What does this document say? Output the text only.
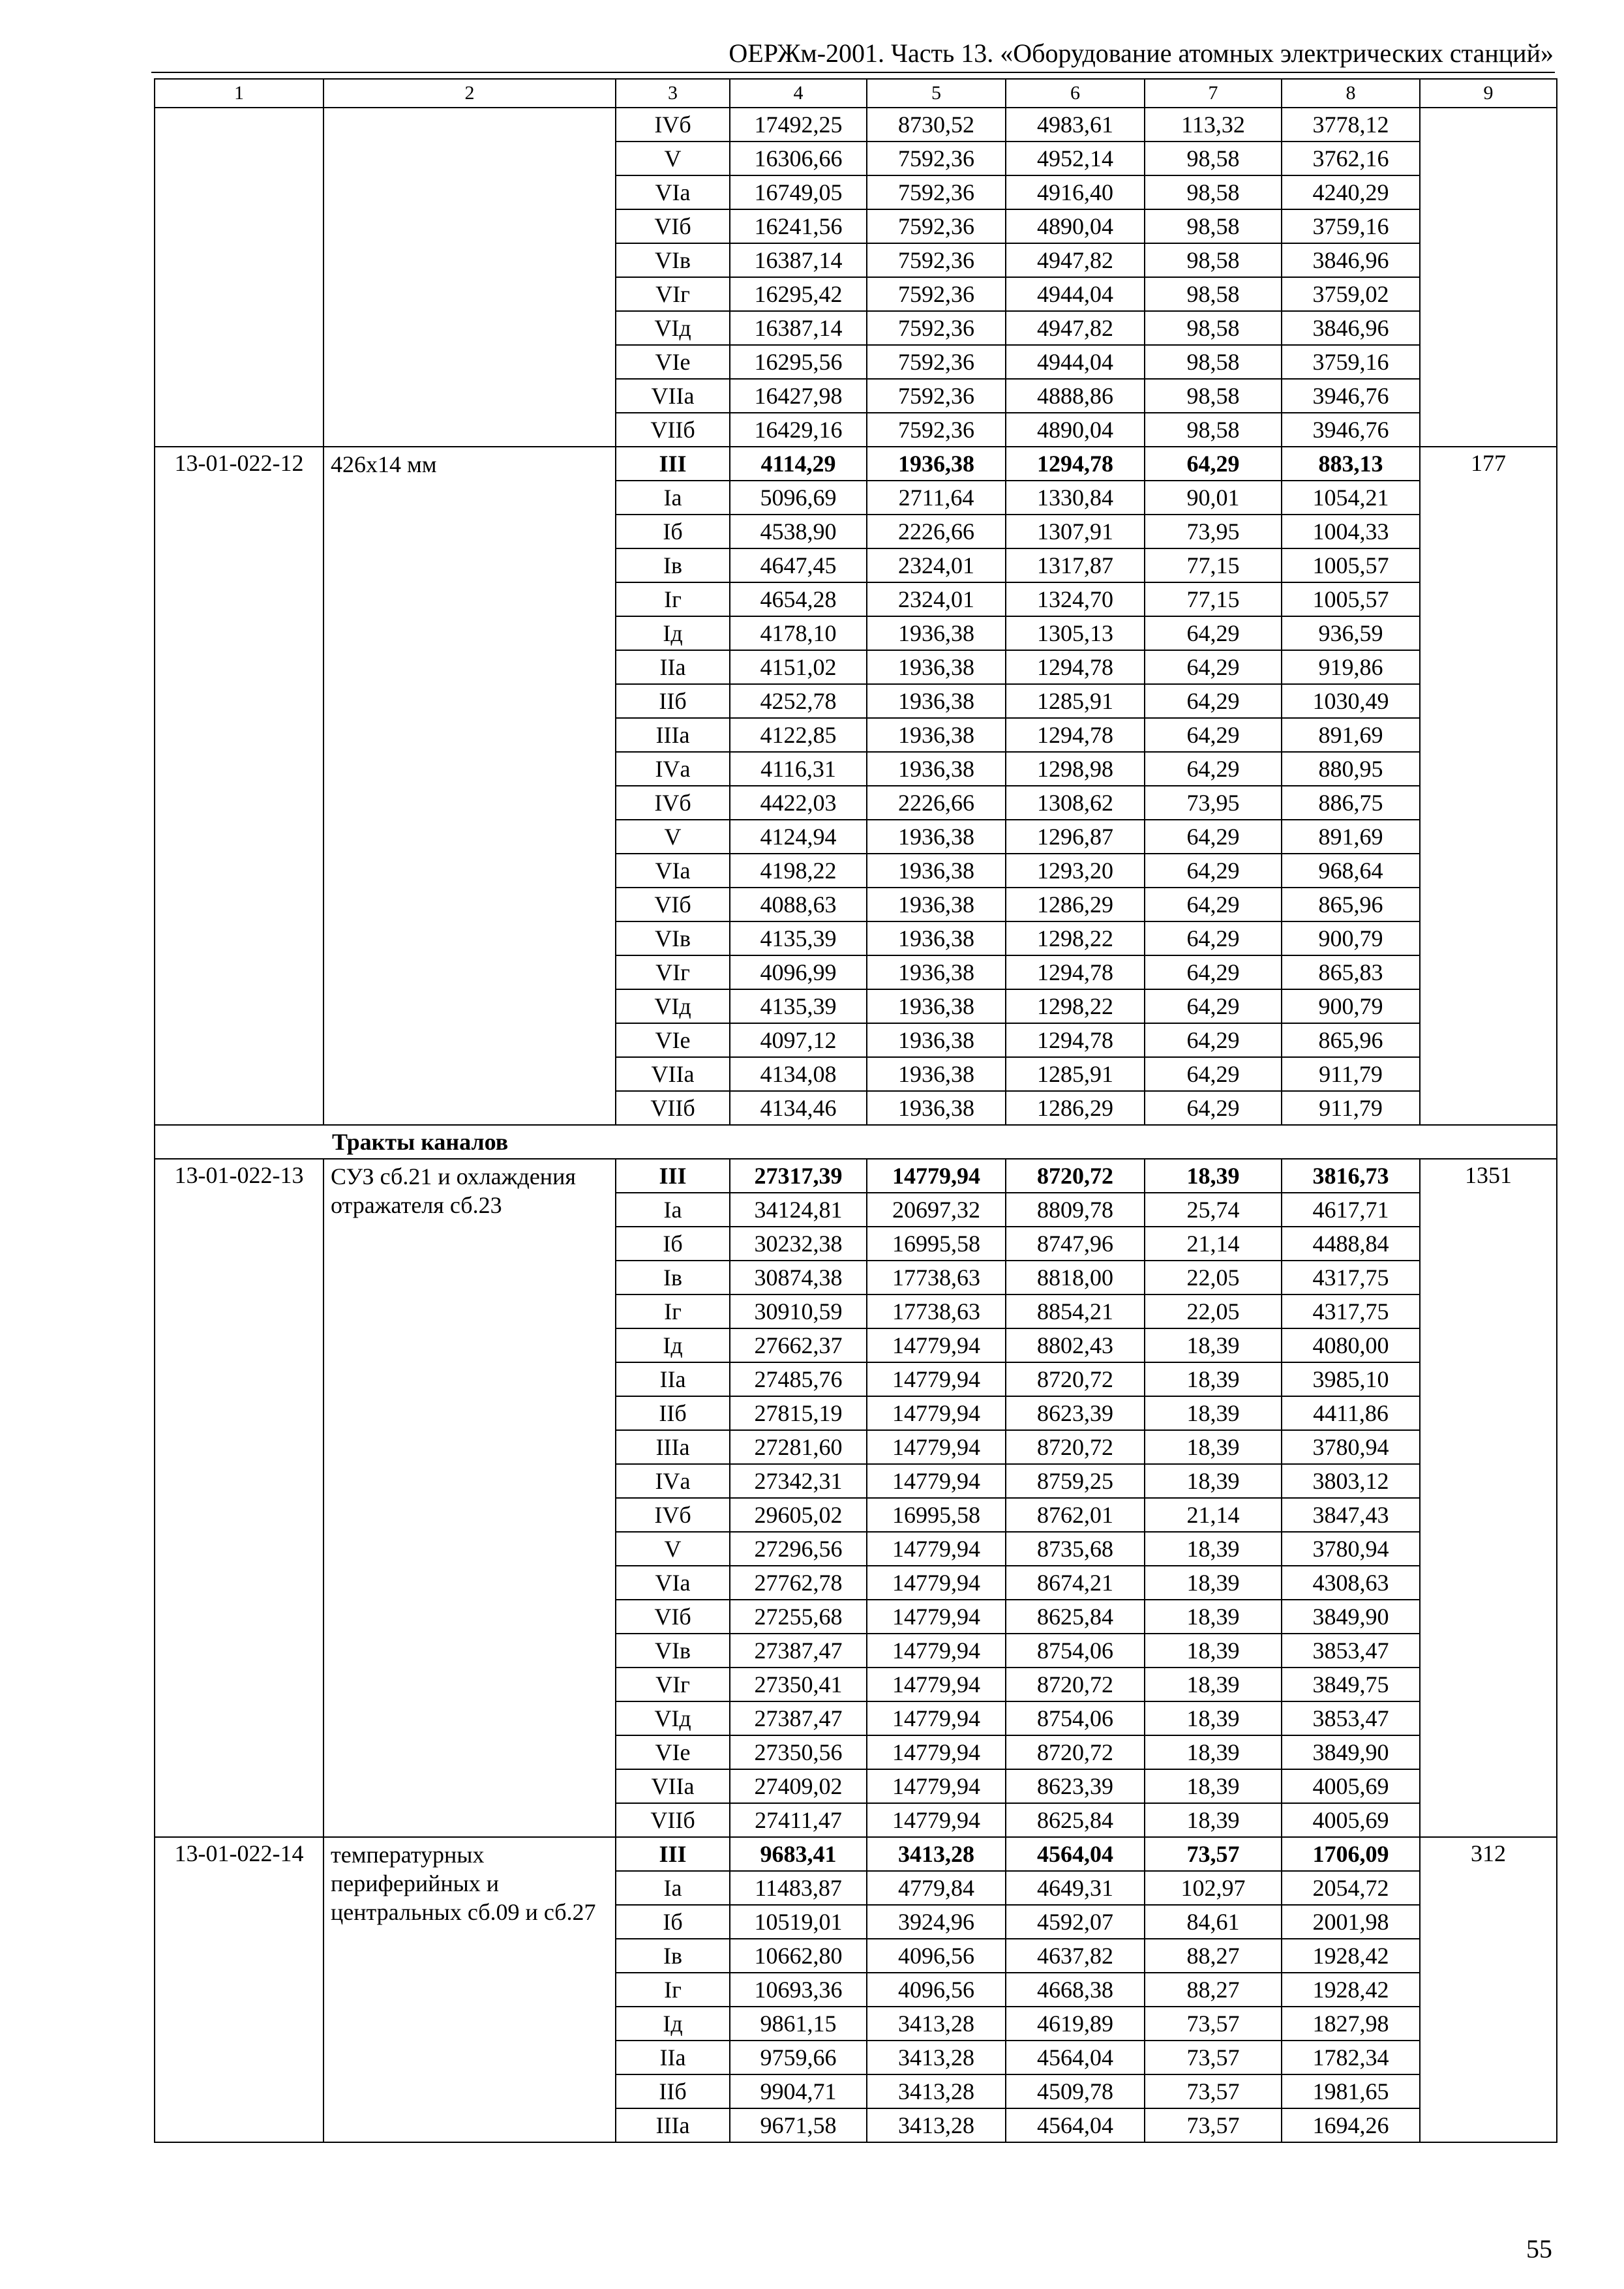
ОЕРЖм-2001. Часть 13. «Оборудование атомных электрических станций»
1	2	3	4	5	6	7	8	9
		IVб	17492,25	8730,52	4983,61	113,32	3778,12	
		V	16306,66	7592,36	4952,14	98,58	3762,16	
		VIа	16749,05	7592,36	4916,40	98,58	4240,29	
		VIб	16241,56	7592,36	4890,04	98,58	3759,16	
		VIв	16387,14	7592,36	4947,82	98,58	3846,96	
		VIг	16295,42	7592,36	4944,04	98,58	3759,02	
		VIд	16387,14	7592,36	4947,82	98,58	3846,96	
		VIе	16295,56	7592,36	4944,04	98,58	3759,16	
		VIIа	16427,98	7592,36	4888,86	98,58	3946,76	
		VIIб	16429,16	7592,36	4890,04	98,58	3946,76	
13-01-022-12	426x14 мм	III	4114,29	1936,38	1294,78	64,29	883,13	177
		Iа	5096,69	2711,64	1330,84	90,01	1054,21	
		Iб	4538,90	2226,66	1307,91	73,95	1004,33	
		Iв	4647,45	2324,01	1317,87	77,15	1005,57	
		Iг	4654,28	2324,01	1324,70	77,15	1005,57	
		Iд	4178,10	1936,38	1305,13	64,29	936,59	
		IIа	4151,02	1936,38	1294,78	64,29	919,86	
		IIб	4252,78	1936,38	1285,91	64,29	1030,49	
		IIIа	4122,85	1936,38	1294,78	64,29	891,69	
		IVа	4116,31	1936,38	1298,98	64,29	880,95	
		IVб	4422,03	2226,66	1308,62	73,95	886,75	
		V	4124,94	1936,38	1296,87	64,29	891,69	
		VIа	4198,22	1936,38	1293,20	64,29	968,64	
		VIб	4088,63	1936,38	1286,29	64,29	865,96	
		VIв	4135,39	1936,38	1298,22	64,29	900,79	
		VIг	4096,99	1936,38	1294,78	64,29	865,83	
		VIд	4135,39	1936,38	1298,22	64,29	900,79	
		VIе	4097,12	1936,38	1294,78	64,29	865,96	
		VIIа	4134,08	1936,38	1285,91	64,29	911,79	
		VIIб	4134,46	1936,38	1286,29	64,29	911,79	
Тракты каналов								
13-01-022-13	СУЗ сб.21 и охлаждения отражателя сб.23	III	27317,39	14779,94	8720,72	18,39	3816,73	1351
		Iа	34124,81	20697,32	8809,78	25,74	4617,71	
		Iб	30232,38	16995,58	8747,96	21,14	4488,84	
		Iв	30874,38	17738,63	8818,00	22,05	4317,75	
		Iг	30910,59	17738,63	8854,21	22,05	4317,75	
		Iд	27662,37	14779,94	8802,43	18,39	4080,00	
		IIа	27485,76	14779,94	8720,72	18,39	3985,10	
		IIб	27815,19	14779,94	8623,39	18,39	4411,86	
		IIIа	27281,60	14779,94	8720,72	18,39	3780,94	
		IVа	27342,31	14779,94	8759,25	18,39	3803,12	
		IVб	29605,02	16995,58	8762,01	21,14	3847,43	
		V	27296,56	14779,94	8735,68	18,39	3780,94	
		VIа	27762,78	14779,94	8674,21	18,39	4308,63	
		VIб	27255,68	14779,94	8625,84	18,39	3849,90	
		VIв	27387,47	14779,94	8754,06	18,39	3853,47	
		VIг	27350,41	14779,94	8720,72	18,39	3849,75	
		VIд	27387,47	14779,94	8754,06	18,39	3853,47	
		VIе	27350,56	14779,94	8720,72	18,39	3849,90	
		VIIа	27409,02	14779,94	8623,39	18,39	4005,69	
		VIIб	27411,47	14779,94	8625,84	18,39	4005,69	
13-01-022-14	температурных периферийных и центральных сб.09 и сб.27	III	9683,41	3413,28	4564,04	73,57	1706,09	312
		Iа	11483,87	4779,84	4649,31	102,97	2054,72	
		Iб	10519,01	3924,96	4592,07	84,61	2001,98	
		Iв	10662,80	4096,56	4637,82	88,27	1928,42	
		Iг	10693,36	4096,56	4668,38	88,27	1928,42	
		Iд	9861,15	3413,28	4619,89	73,57	1827,98	
		IIа	9759,66	3413,28	4564,04	73,57	1782,34	
		IIб	9904,71	3413,28	4509,78	73,57	1981,65	
		IIIа	9671,58	3413,28	4564,04	73,57	1694,26	
55
